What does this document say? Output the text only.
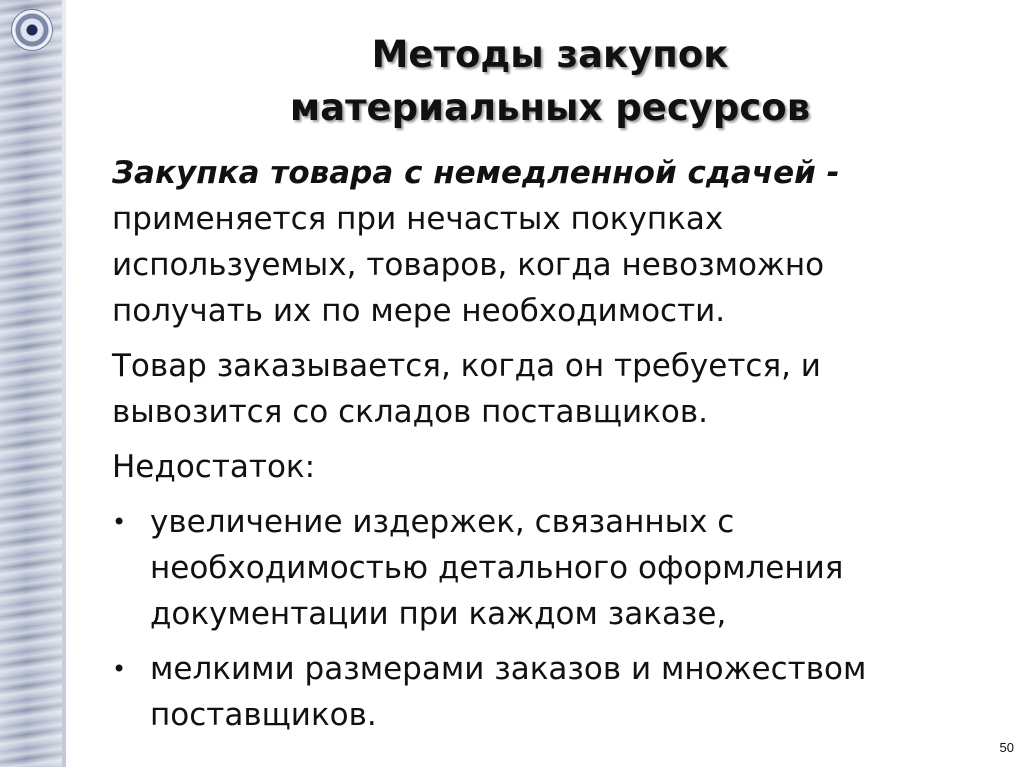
Методы закупок
материальных ресурсов

Закупка товара с немедленной сдачей -
применяется при нечастых покупках
используемых, товаров, когда невозможно
получать их по мере необходимости.

Товар заказывается, когда он требуется, и
вывозится со складов поставщиков.

Недостаток:

• увеличение издержек, связанных с
необходимостью детального оформления
документации при каждом заказе,
• мелкими размерами заказов и множеством
поставщиков.
50
